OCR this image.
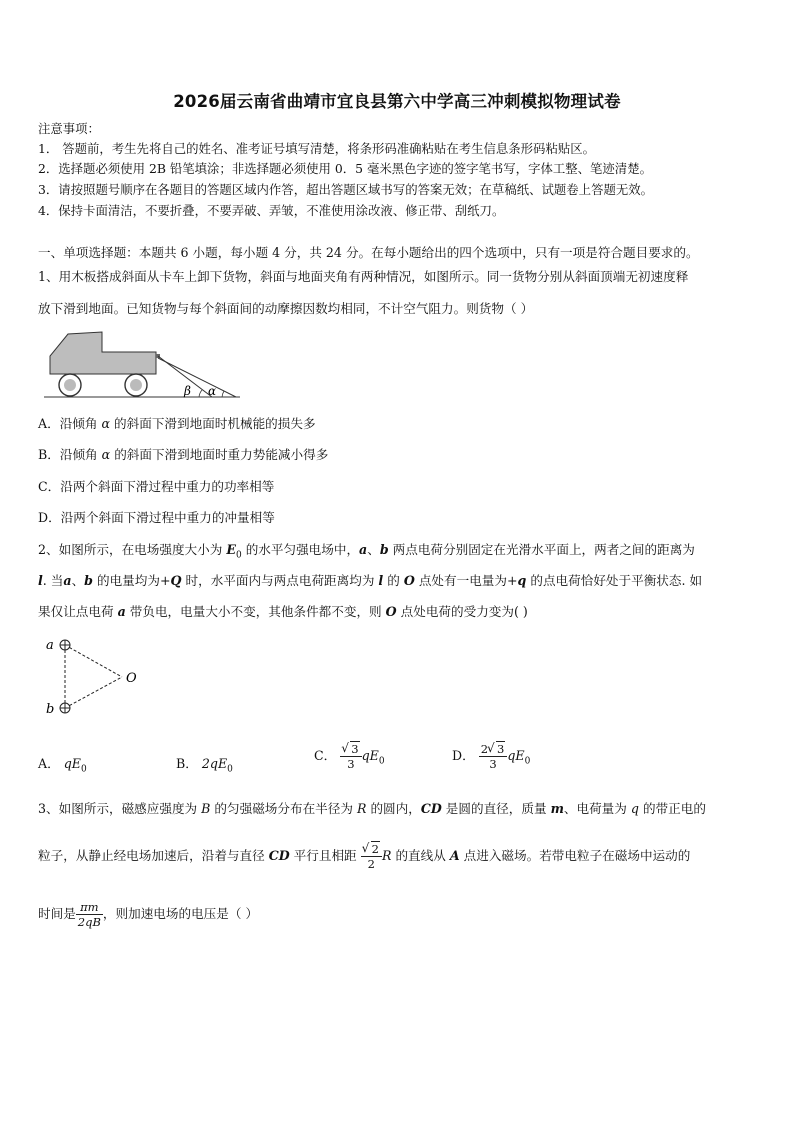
2026届云南省曲靖市宜良县第六中学高三冲刺模拟物理试卷
注意事项：
1． 答题前，考生先将自己的姓名、准考证号填写清楚，将条形码准确粘贴在考生信息条形码粘贴区。
2．选择题必须使用 2B 铅笔填涂；非选择题必须使用 0．5 毫米黑色字迹的签字笔书写，字体工整、笔迹清楚。
3．请按照题号顺序在各题目的答题区域内作答，超出答题区域书写的答案无效；在草稿纸、试题卷上答题无效。
4．保持卡面清洁，不要折叠，不要弄破、弄皱，不准使用涂改液、修正带、刮纸刀。
一、单项选择题：本题共 6 小题，每小题 4 分，共 24 分。在每小题给出的四个选项中，只有一项是符合题目要求的。
1、用木板搭成斜面从卡车上卸下货物，斜面与地面夹角有两种情况，如图所示。同一货物分别从斜面顶端无初速度释
放下滑到地面。已知货物与每个斜面间的动摩擦因数均相同，不计空气阻力。则货物（ ）
β α
A．沿倾角 α 的斜面下滑到地面时机械能的损失多
B．沿倾角 α 的斜面下滑到地面时重力势能减小得多
C．沿两个斜面下滑过程中重力的功率相等
D．沿两个斜面下滑过程中重力的冲量相等
2、如图所示，在电场强度大小为 $E_0$ 的水平匀强电场中，a、b 两点电荷分别固定在光滑水平面上，两者之间的距离为
l. 当a、b 的电量均为+Q 时，水平面内与两点电荷距离均为 l 的 O 点处有一电量为+q 的点电荷恰好处于平衡状态. 如
果仅让点电荷 a 带负电，电量大小不变，其他条件都不变，则 O 点处电荷的受力变为( )
a
b
O
A． $qE_0$	B． $2qE_0$
C． √ $\frac{3}{3} qE_0$	D． $\frac{2 √ 3}{3} qE_0$
3、如图所示，磁感应强度为 B 的匀强磁场分布在半径为 R 的圆内，CD 是圆的直径，质量 m、电荷量为 q 的带正电的
粒子，从静止经电场加速后，沿着与直径 CD 平行且相距 √ $\frac{2}{2}$ R 的直线从 A 点进入磁场。若带电粒子在磁场中运动的
时间是 $\frac{\pi m}{2qB}$ ，则加速电场的电压是（ ）
